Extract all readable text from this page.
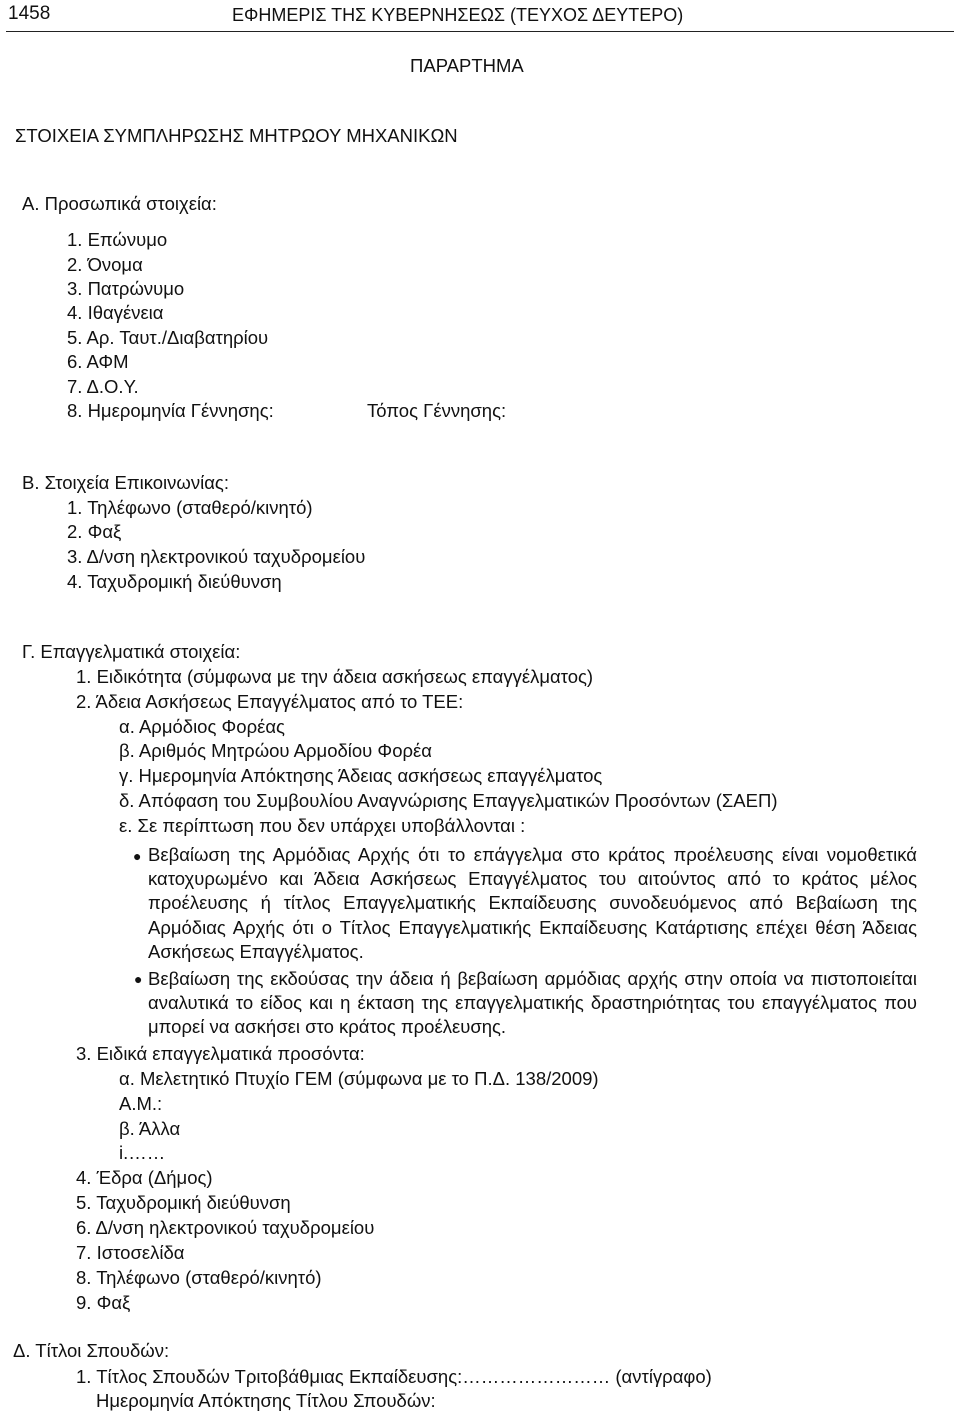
1458	ΕΦΗΜΕΡΙΣ ΤΗΣ ΚΥΒΕΡΝΗΣΕΩΣ (ΤΕΥΧΟΣ ΔΕΥΤΕΡΟ)
ΠΑΡΑΡΤΗΜΑ
ΣΤΟΙΧΕΙΑ ΣΥΜΠΛΗΡΩΣΗΣ ΜΗΤΡΩΟΥ ΜΗΧΑΝΙΚΩΝ
Α. Προσωπικά στοιχεία:
1. Επώνυμο
2. Όνομα
3. Πατρώνυμο
4. Ιθαγένεια
5. Αρ. Ταυτ./Διαβατηρίου
6. ΑΦΜ
7. Δ.Ο.Υ.
8. Ημερομηνία Γέννησης:	Τόπος Γέννησης:
Β. Στοιχεία Επικοινωνίας:
1. Τηλέφωνο (σταθερό/κινητό)
2. Φαξ
3. Δ/νση ηλεκτρονικού ταχυδρομείου
4. Ταχυδρομική διεύθυνση
Γ. Επαγγελματικά στοιχεία:
1. Ειδικότητα (σύμφωνα με την άδεια ασκήσεως επαγγέλματος)
2. Άδεια Ασκήσεως Επαγγέλματος από το ΤΕΕ:
α. Αρμόδιος Φορέας
β. Αριθμός Μητρώου Αρμοδίου Φορέα
γ. Ημερομηνία Απόκτησης Άδειας ασκήσεως επαγγέλματος
δ. Απόφαση του Συμβουλίου Αναγνώρισης Επαγγελματικών Προσόντων (ΣΑΕΠ)
ε. Σε περίπτωση που δεν υπάρχει υποβάλλονται :
● Βεβαίωση της Αρμόδιας Αρχής ότι το επάγγελμα στο κράτος προέλευσης είναι νομοθετικά κατοχυρωμένο και Άδεια Ασκήσεως Επαγγέλματος του αιτούντος από το κράτος μέλος προέλευσης ή τίτλος Επαγγελματικής Εκπαίδευσης συνοδευόμενος από Βεβαίωση της Αρμόδιας Αρχής ότι ο Τίτλος Επαγγελματικής Εκπαίδευσης Κατάρτισης επέχει θέση Άδειας Ασκήσεως Επαγγέλματος.
● Βεβαίωση της εκδούσας την άδεια ή βεβαίωση αρμόδιας αρχής στην οποία να πιστοποιείται αναλυτικά το είδος και η έκταση της επαγγελματικής δραστηριότητας του επαγγέλματος που μπορεί να ασκήσει στο κράτος προέλευσης.
3. Ειδικά επαγγελματικά προσόντα:
α. Μελετητικό Πτυχίο ΓΕΜ (σύμφωνα με το Π.Δ. 138/2009)
Α.Μ.:
β. Άλλα
i.……
4. Έδρα (Δήμος)
5. Ταχυδρομική διεύθυνση
6. Δ/νση ηλεκτρονικού ταχυδρομείου
7. Ιστοσελίδα
8. Τηλέφωνο (σταθερό/κινητό)
9. Φαξ
Δ. Τίτλοι Σπουδών:
1. Τίτλος Σπουδών Τριτοβάθμιας Εκπαίδευσης:…………………… (αντίγραφο)
Ημερομηνία Απόκτησης Τίτλου Σπουδών:
